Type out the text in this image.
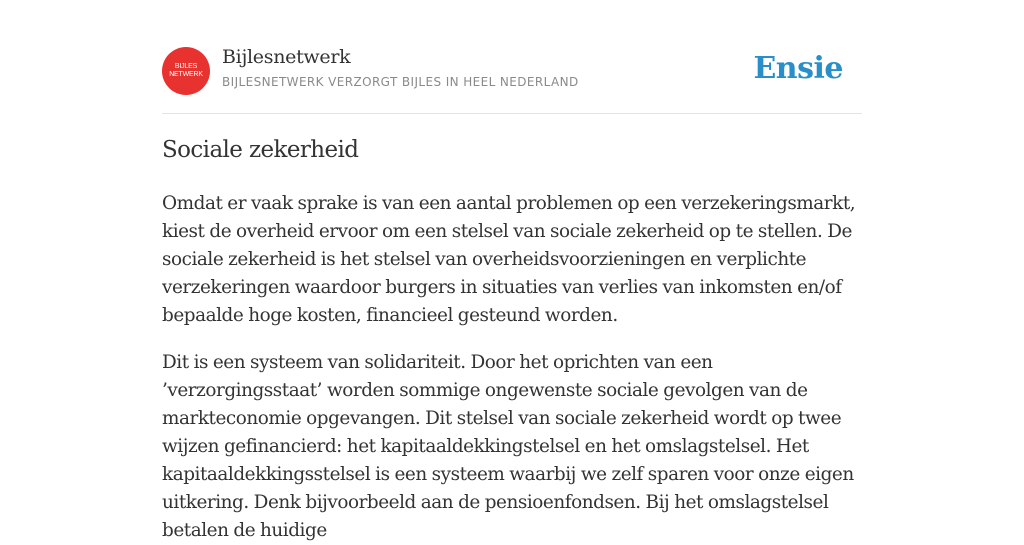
BIJLES
NETWERK
Bijlesnetwerk
BIJLESNETWERK VERZORGT BIJLES IN HEEL NEDERLAND	Ensie
Sociale zekerheid

Omdat er vaak sprake is van een aantal problemen op een verzekeringsmarkt, kiest de overheid ervoor om een stelsel van sociale zekerheid op te stellen. De sociale zekerheid is het stelsel van overheidsvoorzieningen en verplichte verzekeringen waardoor burgers in situaties van verlies van inkomsten en/of bepaalde hoge kosten, financieel gesteund worden.

Dit is een systeem van solidariteit. Door het oprichten van een ’verzorgingsstaat’ worden sommige ongewenste sociale gevolgen van de markteconomie opgevangen. Dit stelsel van sociale zekerheid wordt op twee wijzen gefinancierd: het kapitaaldekkingstelsel en het omslagstelsel. Het kapitaaldekkingsstelsel is een systeem waarbij we zelf sparen voor onze eigen uitkering. Denk bijvoorbeeld aan de pensioenfondsen. Bij het omslagstelsel betalen de huidige
